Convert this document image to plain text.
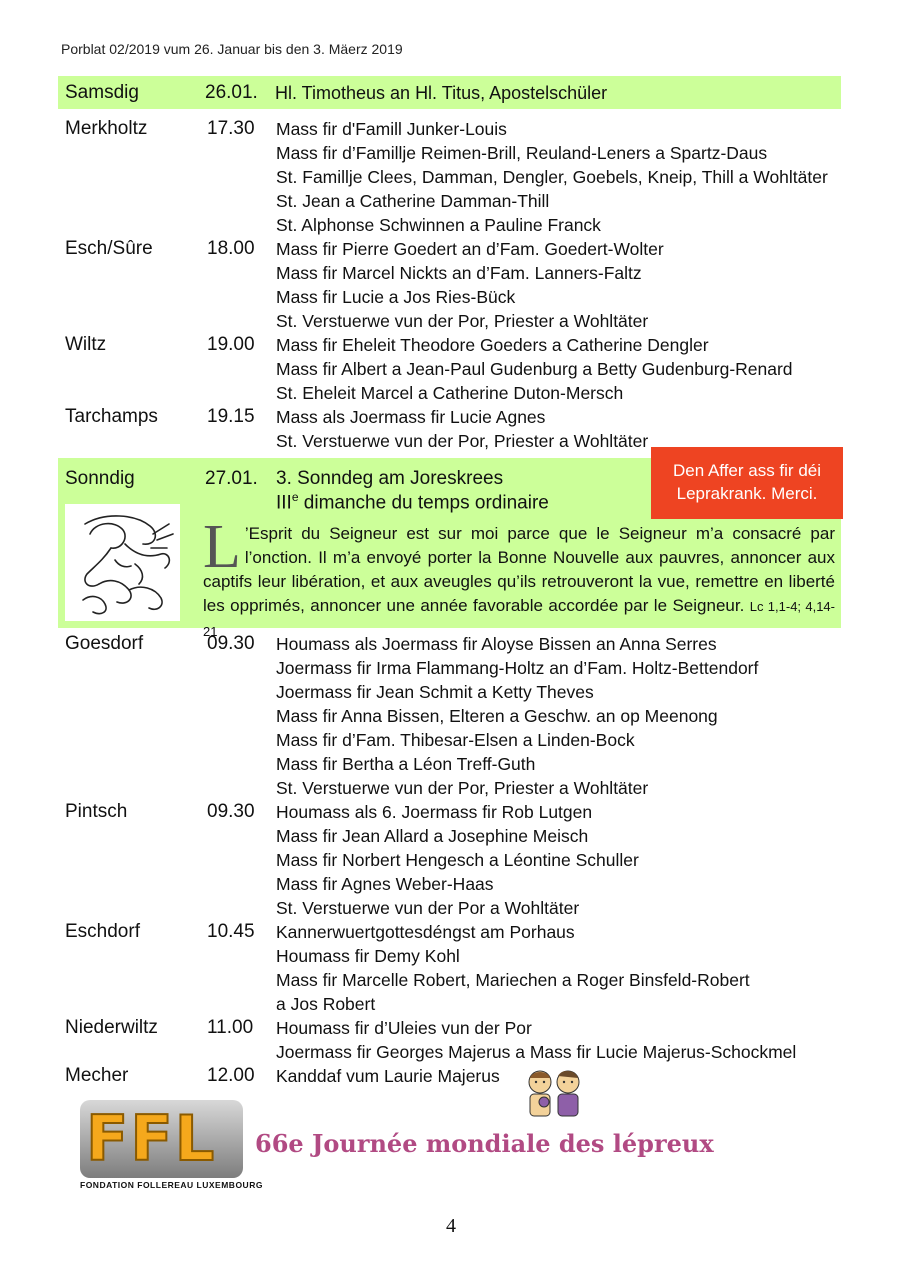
Porblat 02/2019 vum 26. Januar bis den 3. Mäerz 2019
Samsdig	26.01. Hl. Timotheus an Hl. Titus, Apostelschüler
Merkholtz	17.30 Mass fir d'Famill Junker-Louis
Mass fir d’Famillje Reimen-Brill, Reuland-Leners a Spartz-Daus
St. Familljе Clees, Damman, Dengler, Goebels, Kneip, Thill a Wohltäter
St. Jean a Catherine Damman-Thill
St. Alphonse Schwinnen a Pauline Franck
Esch/Sûre	18.00 Mass fir Pierre Goedert an d’Fam. Goedert-Wolter
Mass fir Marcel Nickts an d’Fam. Lanners-Faltz
Mass fir Lucie a Jos Ries-Bück
St. Verstuerwe vun der Por, Priester a Wohltäter
Wiltz	19.00 Mass fir Eheleit Theodore Goeders a Catherine Dengler
Mass fir Albert a Jean-Paul Gudenburg a Betty Gudenburg-Renard
St. Eheleit Marcel a Catherine Duton-Mersch
Tarchamps	19.15 Mass als Joermass fir Lucie Agnes
St. Verstuerwe vun der Por, Priester a Wohltäter
Sonndig	27.01. 3. Sonndeg am Joreskrees
IIIe dimanche du temps ordinaire
L ’Esprit du Seigneur est sur moi parce que le Seigneur m’a consacré par l’onction. Il m’a envoyé porter la Bonne Nouvelle aux pauvres, annoncer aux captifs leur libération, et aux aveugles qu’ils retrouveront la vue, remettre en liberté les opprimés, annoncer une année favorable accordée par le Seigneur. Lc 1,1-4; 4,14-21
Den Affer ass fir déi
Leprakrank. Merci.
Goesdorf	09.30 Houmass als Joermass fir Aloyse Bissen an Anna Serres
Joermass fir Irma Flammang-Holtz an d’Fam. Holtz-Bettendorf
Joermass fir Jean Schmit a Ketty Theves
Mass fir Anna Bissen, Elteren a Geschw. an op Meenong
Mass fir d’Fam. Thibesar-Elsen a Linden-Bock
Mass fir Bertha a Léon Treff-Guth
St. Verstuerwe vun der Por, Priester a Wohltäter
Pintsch	09.30 Houmass als 6. Joermass fir Rob Lutgen
Mass fir Jean Allard a Josephine Meisch
Mass fir Norbert Hengesch a Léontine Schuller
Mass fir Agnes Weber-Haas
St. Verstuerwe vun der Por a Wohltäter
Eschdorf	10.45 Kannerwuertgottesdéngst am Porhaus
Houmass fir Demy Kohl
Mass fir Marcelle Robert, Mariechen a Roger Binsfeld-Robert
a Jos Robert
Niederwiltz	11.00 Houmass fir d’Uleies vun der Por
Joermass fir Georges Majerus a Mass fir Lucie Majerus-Schockmel
Mecher	12.00 Kanddaf vum Laurie Majerus
FFL
FONDATION FOLLEREAU LUXEMBOURG
66e Journée mondiale des lépreux
4
